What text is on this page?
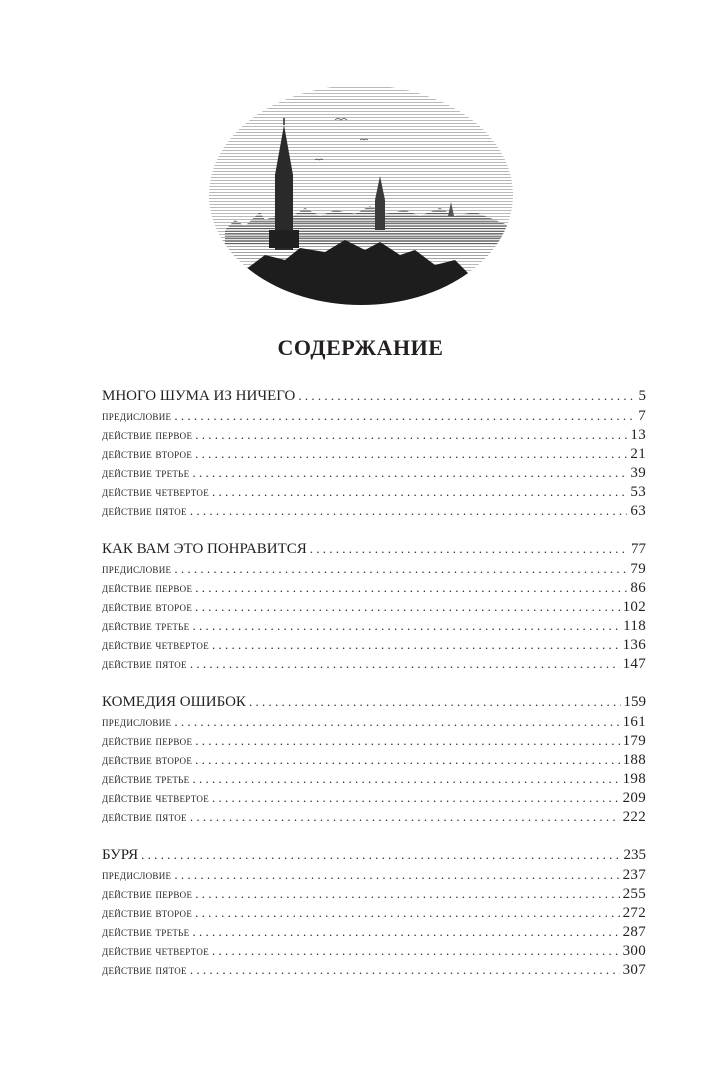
СОДЕРЖАНИЕ
МНОГО ШУМА ИЗ НИЧЕГО . . .	5
предисловие . . .	7
действие первое . . .	13
действие второе . . .	21
действие третье . . .	39
действие четвертое . . .	53
действие пятое . . .	63
КАК ВАМ ЭТО ПОНРАВИТСЯ . . .	77
предисловие . . .	79
действие первое . . .	86
действие второе . . .	102
действие третье . . .	118
действие четвертое . . .	136
действие пятое . . .	147
КОМЕДИЯ ОШИБОК . . .	159
предисловие . . .	161
действие первое . . .	179
действие второе . . .	188
действие третье . . .	198
действие четвертое . . .	209
действие пятое . . .	222
БУРЯ . . .	235
предисловие . . .	237
действие первое . . .	255
действие второе . . .	272
действие третье . . .	287
действие четвертое . . .	300
действие пятое . . .	307
